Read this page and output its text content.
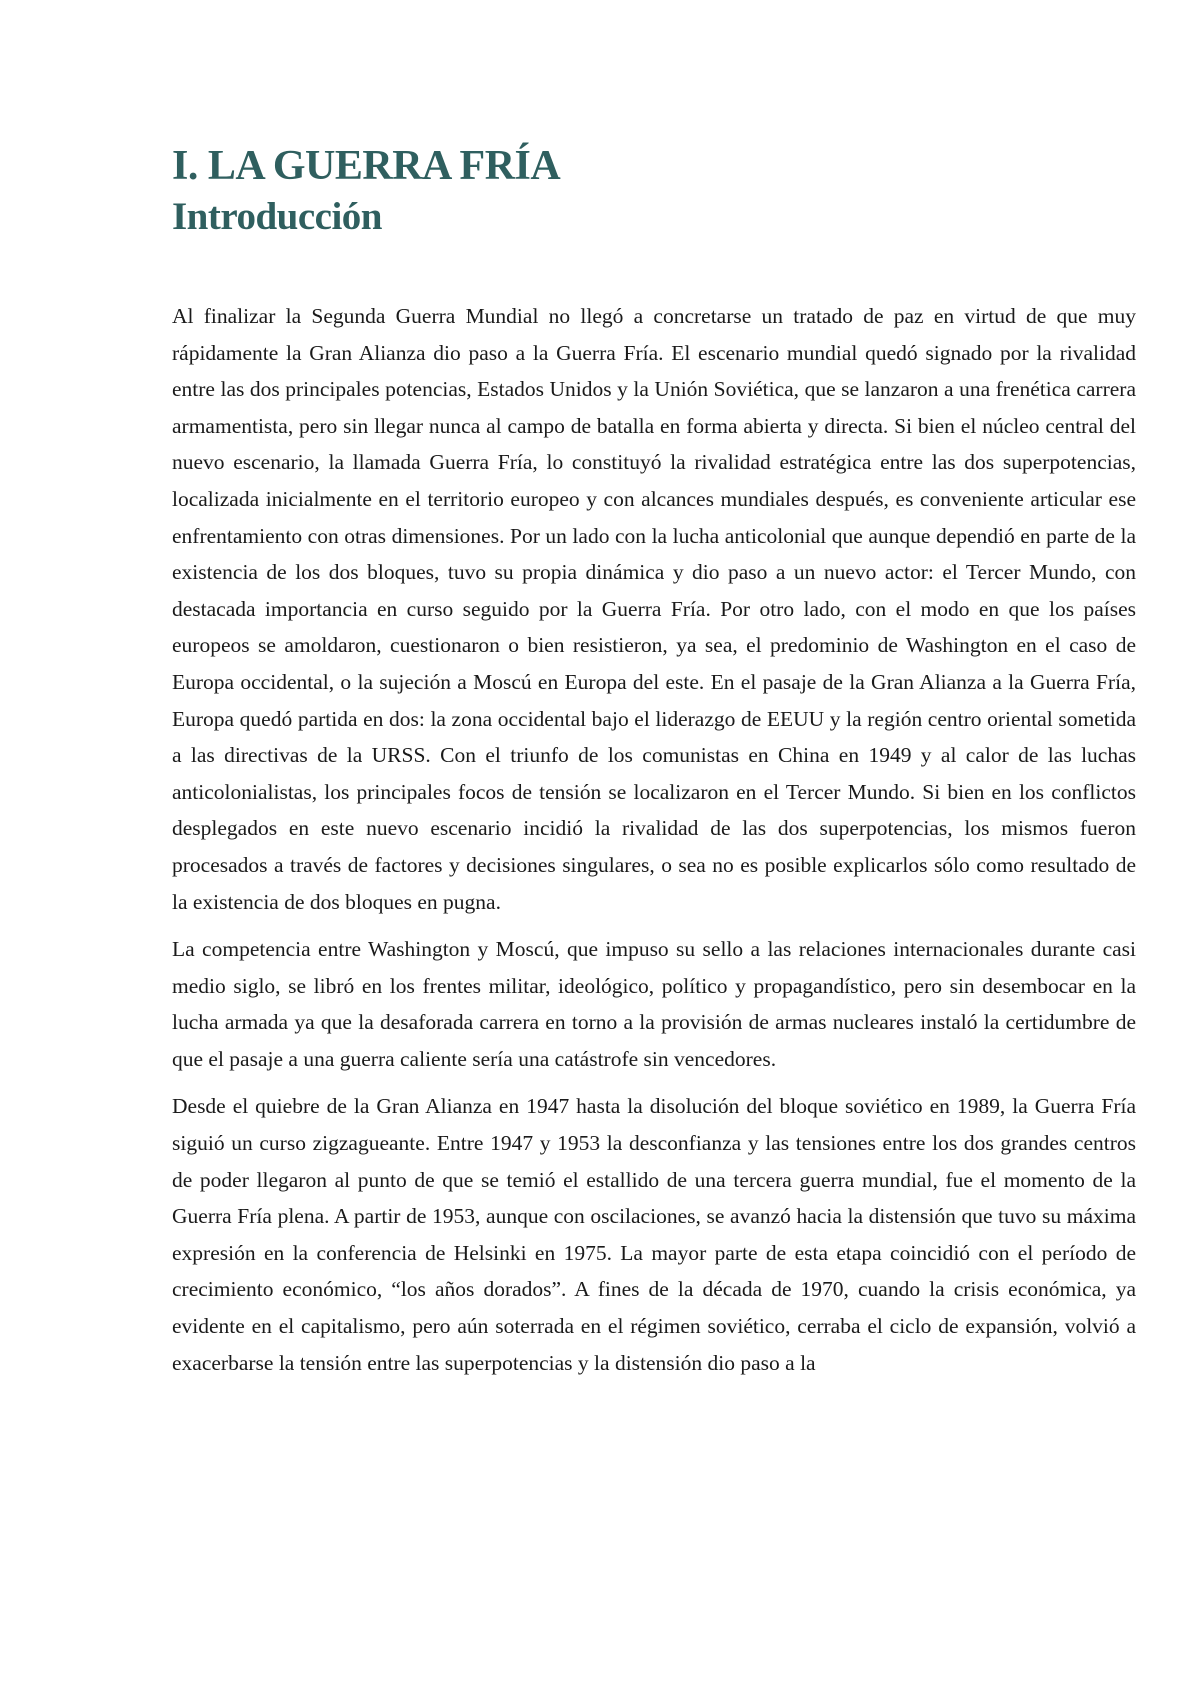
I. LA GUERRA FRÍA
Introducción

Al finalizar la Segunda Guerra Mundial no llegó a concretarse un tratado de paz en virtud de que muy rápidamente la Gran Alianza dio paso a la Guerra Fría. El escenario mundial quedó signado por la rivalidad entre las dos principales potencias, Estados Unidos y la Unión Soviética, que se lanzaron a una frenética carrera armamentista, pero sin llegar nunca al campo de batalla en forma abierta y directa. Si bien el núcleo central del nuevo escenario, la llamada Guerra Fría, lo constituyó la rivalidad estratégica entre las dos superpotencias, localizada inicialmente en el territorio europeo y con alcances mundiales después, es conveniente articular ese enfrentamiento con otras dimensiones. Por un lado con la lucha anticolonial que aunque dependió en parte de la existencia de los dos bloques, tuvo su propia dinámica y dio paso a un nuevo actor: el Tercer Mundo, con destacada importancia en curso seguido por la Guerra Fría. Por otro lado, con el modo en que los países europeos se amoldaron, cuestionaron o bien resistieron, ya sea, el predominio de Washington en el caso de Europa occidental, o la sujeción a Moscú en Europa del este. En el pasaje de la Gran Alianza a la Guerra Fría, Europa quedó partida en dos: la zona occidental bajo el liderazgo de EEUU y la región centro oriental sometida a las directivas de la URSS. Con el triunfo de los comunistas en China en 1949 y al calor de las luchas anticolonialistas, los principales focos de tensión se localizaron en el Tercer Mundo. Si bien en los conflictos desplegados en este nuevo escenario incidió la rivalidad de las dos superpotencias, los mismos fueron procesados a través de factores y decisiones singulares, o sea no es posible explicarlos sólo como resultado de la existencia de dos bloques en pugna.

La competencia entre Washington y Moscú, que impuso su sello a las relaciones internacionales durante casi medio siglo, se libró en los frentes militar, ideológico, político y propagandístico, pero sin desembocar en la lucha armada ya que la desaforada carrera en torno a la provisión de armas nucleares instaló la certidumbre de que el pasaje a una guerra caliente sería una catástrofe sin vencedores.

Desde el quiebre de la Gran Alianza en 1947 hasta la disolución del bloque soviético en 1989, la Guerra Fría siguió un curso zigzagueante. Entre 1947 y 1953 la desconfianza y las tensiones entre los dos grandes centros de poder llegaron al punto de que se temió el estallido de una tercera guerra mundial, fue el momento de la Guerra Fría plena. A partir de 1953, aunque con oscilaciones, se avanzó hacia la distensión que tuvo su máxima expresión en la conferencia de Helsinki en 1975. La mayor parte de esta etapa coincidió con el período de crecimiento económico, “los años dorados”. A fines de la década de 1970, cuando la crisis económica, ya evidente en el capitalismo, pero aún soterrada en el régimen soviético, cerraba el ciclo de expansión, volvió a exacerbarse la tensión entre las superpotencias y la distensión dio paso a la
